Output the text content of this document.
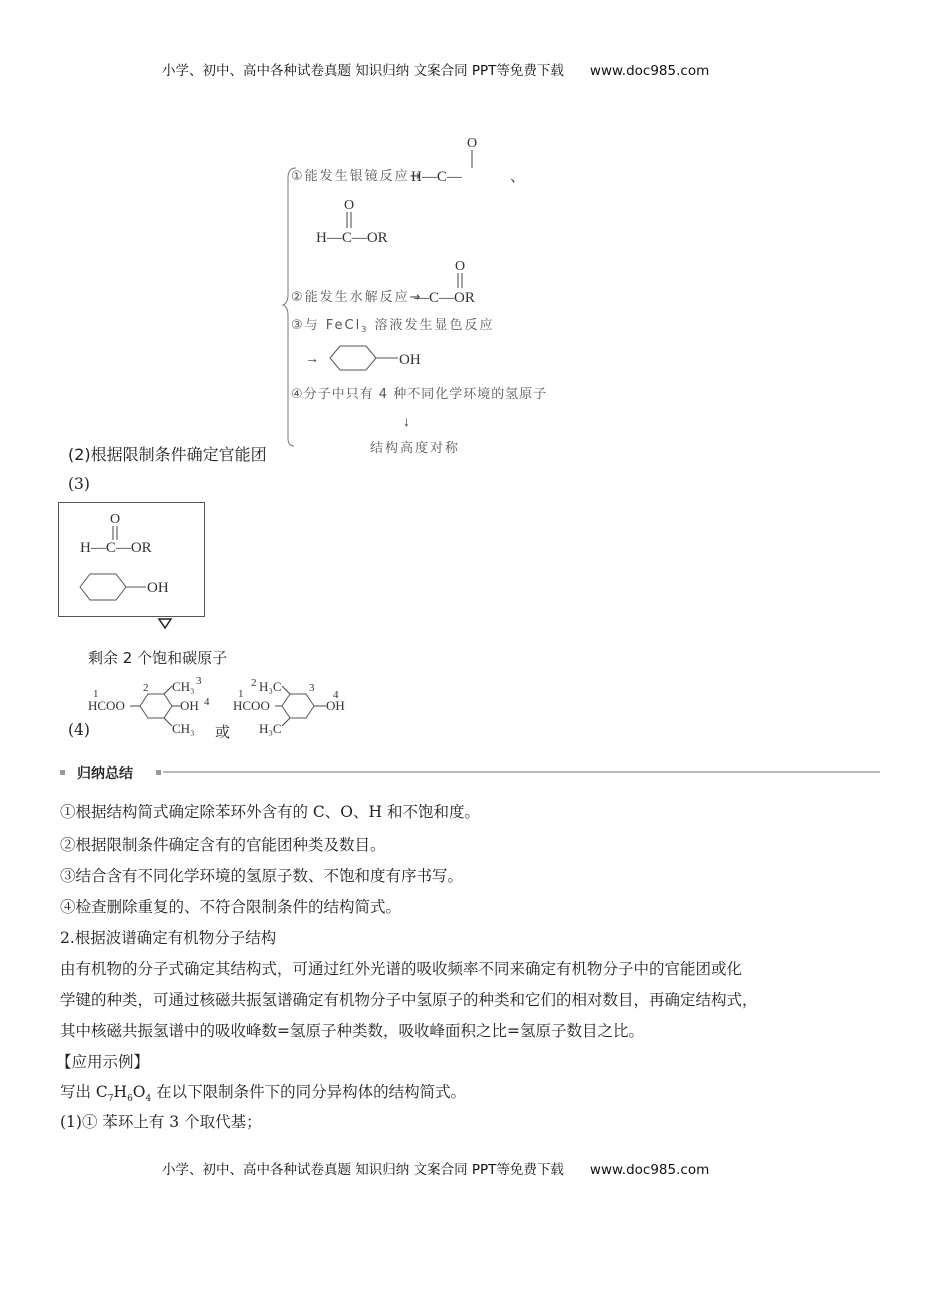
小学、初中、高中各种试卷真题 知识归纳 文案合同 PPT等免费下载 www.doc985.com
①能发生银镜反应→
H—C—
O
、
O
H—C—OR
②能发生水解反应→
O
—C—OR
③与 FeCl$_3$ 溶液发生显色反应
→	OH
④分子中只有 4 种不同化学环境的氢原子
↓
结构高度对称
O
H—C—OR
OH
1
HCOO
2 CH₃ 3
OH 4
CH₃
1
HCOO
2 H₃C 3
OH
4
H₃C
(2)根据限制条件确定官能团
(3)
剩余 2 个饱和碳原子
(4)	或
归纳总结
①根据结构简式确定除苯环外含有的 C、O、H 和不饱和度。
②根据限制条件确定含有的官能团种类及数目。
③结合含有不同化学环境的氢原子数、不饱和度有序书写。
④检查删除重复的、不符合限制条件的结构简式。
2.根据波谱确定有机物分子结构
由有机物的分子式确定其结构式，可通过红外光谱的吸收频率不同来确定有机物分子中的官能团或化
学键的种类，可通过核磁共振氢谱确定有机物分子中氢原子的种类和它们的相对数目，再确定结构式，
其中核磁共振氢谱中的吸收峰数=氢原子种类数，吸收峰面积之比=氢原子数目之比。
【应用示例】
写出 $C_7H_6O_4$ 在以下限制条件下的同分异构体的结构简式。
(1)① 苯环上有 3 个取代基；
小学、初中、高中各种试卷真题 知识归纳 文案合同 PPT等免费下载 www.doc985.com
